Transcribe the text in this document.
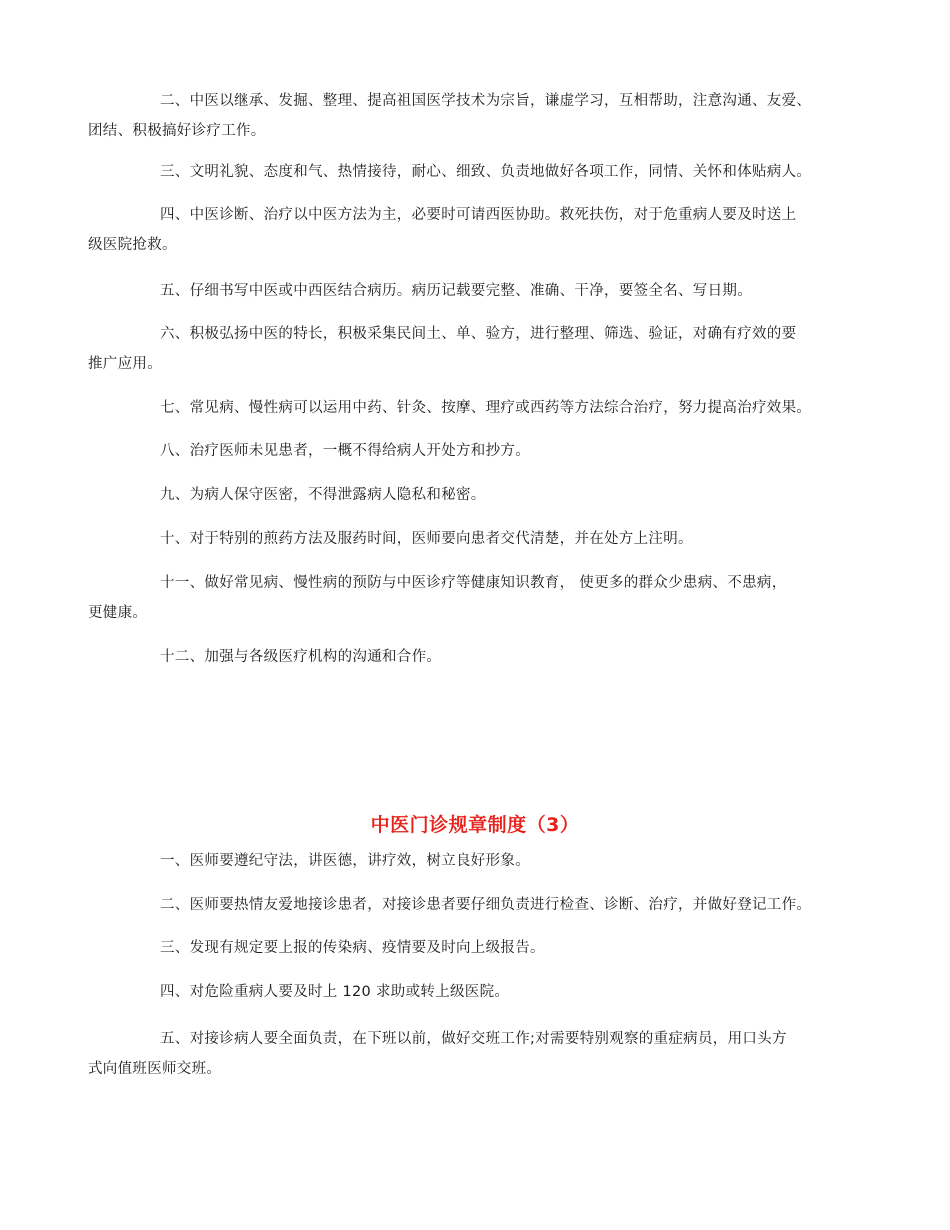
二、中医以继承、发掘、整理、提高祖国医学技术为宗旨，谦虚学习，互相帮助，注意沟通、友爱、
团结、积极搞好诊疗工作。

三、文明礼貌、态度和气、热情接待，耐心、细致、负责地做好各项工作，同情、关怀和体贴病人。

四、中医诊断、治疗以中医方法为主，必要时可请西医协助。救死扶伤，对于危重病人要及时送上
级医院抢救。

五、仔细书写中医或中西医结合病历。病历记载要完整、准确、干净，要签全名、写日期。

六、积极弘扬中医的特长，积极采集民间土、单、验方，进行整理、筛选、验证，对确有疗效的要
推广应用。

七、常见病、慢性病可以运用中药、针灸、按摩、理疗或西药等方法综合治疗，努力提高治疗效果。

八、治疗医师未见患者，一概不得给病人开处方和抄方。

九、为病人保守医密，不得泄露病人隐私和秘密。

十、对于特别的煎药方法及服药时间，医师要向患者交代清楚，并在处方上注明。

十一、做好常见病、慢性病的预防与中医诊疗等健康知识教育， 使更多的群众少患病、不患病，
更健康。

十二、加强与各级医疗机构的沟通和合作。

中医门诊规章制度（3）

一、医师要遵纪守法，讲医德，讲疗效，树立良好形象。

二、医师要热情友爱地接诊患者，对接诊患者要仔细负责进行检查、诊断、治疗，并做好登记工作。

三、发现有规定要上报的传染病、疫情要及时向上级报告。

四、对危险重病人要及时上 120 求助或转上级医院。

五、对接诊病人要全面负责，在下班以前，做好交班工作;对需要特别观察的重症病员，用口头方
式向值班医师交班。
